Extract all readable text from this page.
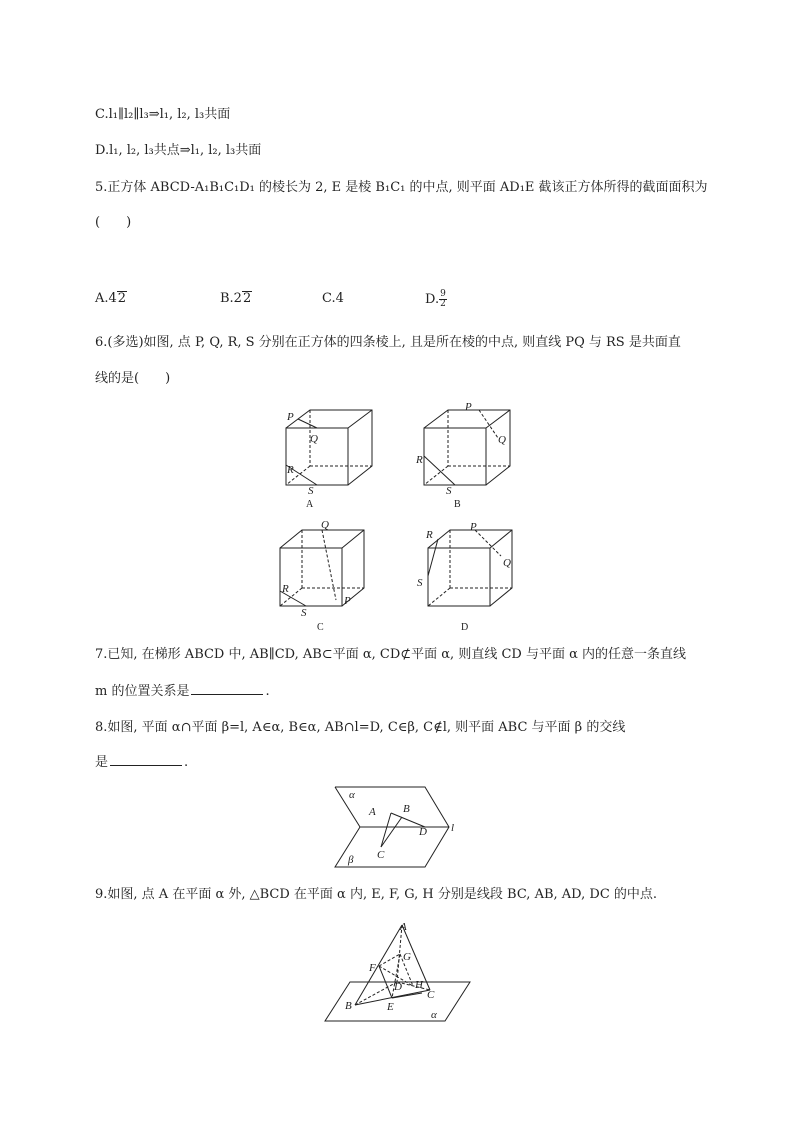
C.l₁∥l₂∥l₃⇒l₁, l₂, l₃共面
D.l₁, l₂, l₃共点⇒l₁, l₂, l₃共面
5.正方体 ABCD-A₁B₁C₁D₁ 的棱长为 2, E 是棱 B₁C₁ 的中点, 则平面 AD₁E 截该正方体所得的截面面积为
(　　)
A.42	B.22	C.4	D. $\frac{9}{2}$
6.(多选)如图, 点 P, Q, R, S 分别在正方体的四条棱上, 且是所在棱的中点, 则直线 PQ 与 RS 是共面直
线的是(　　)
P
Q
R
S
A
P
Q
R
S
B
Q
P
R
S
C
R
P
Q
S
D
7.已知, 在梯形 ABCD 中, AB∥CD, AB⊂平面 α, CD⊄平面 α, 则直线 CD 与平面 α 内的任意一条直线
m 的位置关系是	.
8.如图, 平面 α∩平面 β=l, A∈α, B∈α, AB∩l=D, C∈β, C∉l, 则平面 ABC 与平面 β 的交线
是	.
α
β
A B
D
C
l
9.如图, 点 A 在平面 α 外, △BCD 在平面 α 内, E, F, G, H 分别是线段 BC, AB, AD, DC 的中点.
A
F
G
D H
C
B	E
α
